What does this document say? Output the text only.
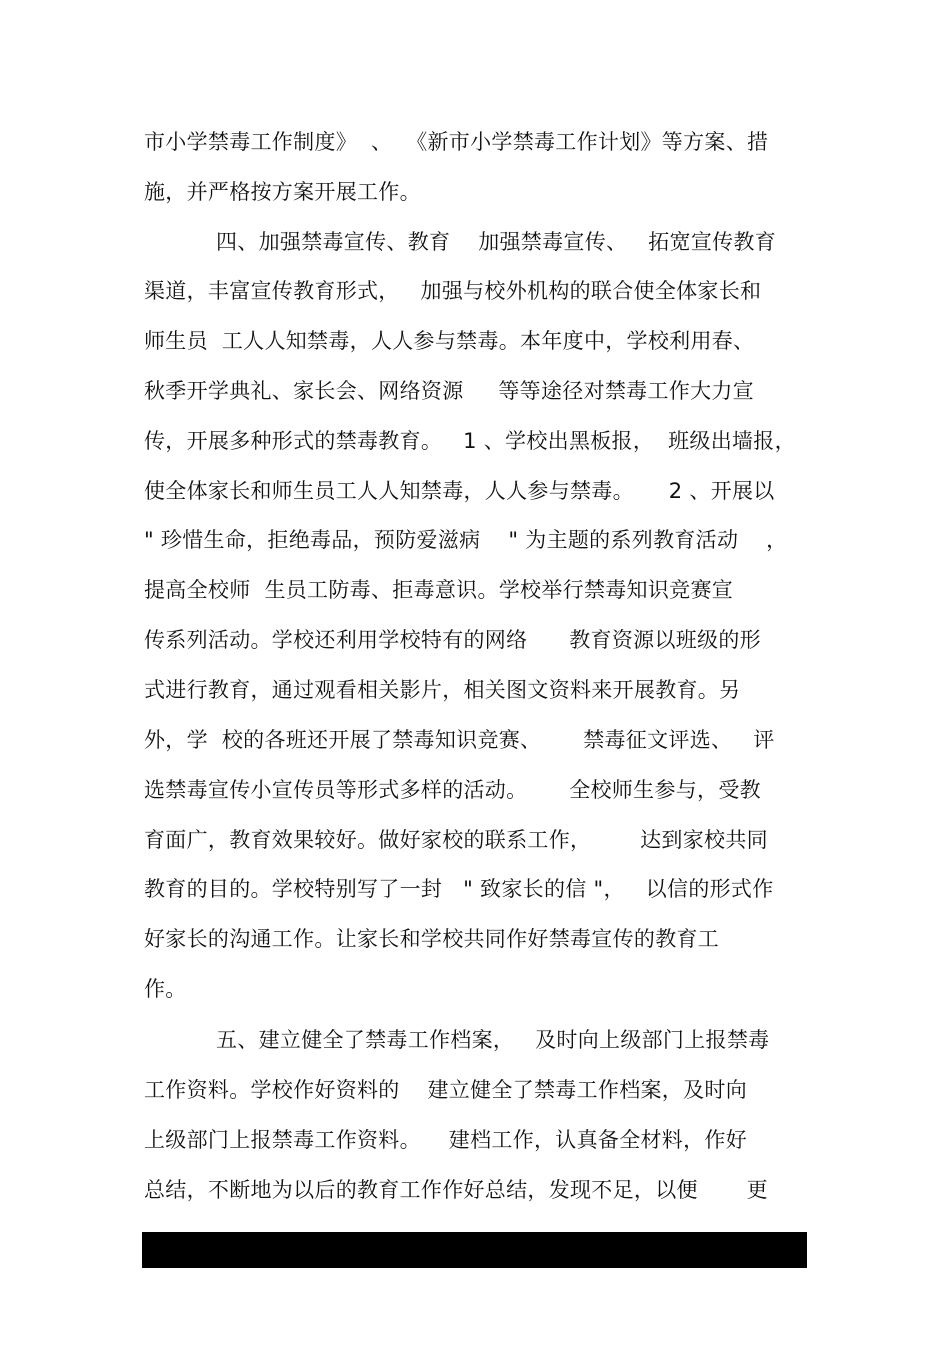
市小学禁毒工作制度》  、  《新市小学禁毒工作计划》等方案、措
施，并严格按方案开展工作。
四、加强禁毒宣传、教育    加强禁毒宣传、   拓宽宣传教育
渠道，丰富宣传教育形式，   加强与校外机构的联合使全体家长和
师生员  工人人知禁毒，人人参与禁毒。本年度中，学校利用春、
秋季开学典礼、家长会、网络资源     等等途径对禁毒工作大力宣
传，开展多种形式的禁毒教育。   1 、学校出黑板报，  班级出墙报，
使全体家长和师生员工人人知禁毒，人人参与禁毒。     2 、开展以
" 珍惜生命，拒绝毒品，预防爱滋病    " 为主题的系列教育活动    ，
提高全校师  生员工防毒、拒毒意识。学校举行禁毒知识竞赛宣
传系列活动。学校还利用学校特有的网络      教育资源以班级的形
式进行教育，通过观看相关影片，相关图文资料来开展教育。另
外，学  校的各班还开展了禁毒知识竞赛、      禁毒征文评选、   评
选禁毒宣传小宣传员等形式多样的活动。      全校师生参与，受教
育面广，教育效果较好。做好家校的联系工作，       达到家校共同
教育的目的。学校特别写了一封   " 致家长的信 "，   以信的形式作
好家长的沟通工作。让家长和学校共同作好禁毒宣传的教育工
作。
五、建立健全了禁毒工作档案，   及时向上级部门上报禁毒
工作资料。学校作好资料的    建立健全了禁毒工作档案，及时向
上级部门上报禁毒工作资料。    建档工作，认真备全材料，作好
总结，不断地为以后的教育工作作好总结，发现不足，以便       更
